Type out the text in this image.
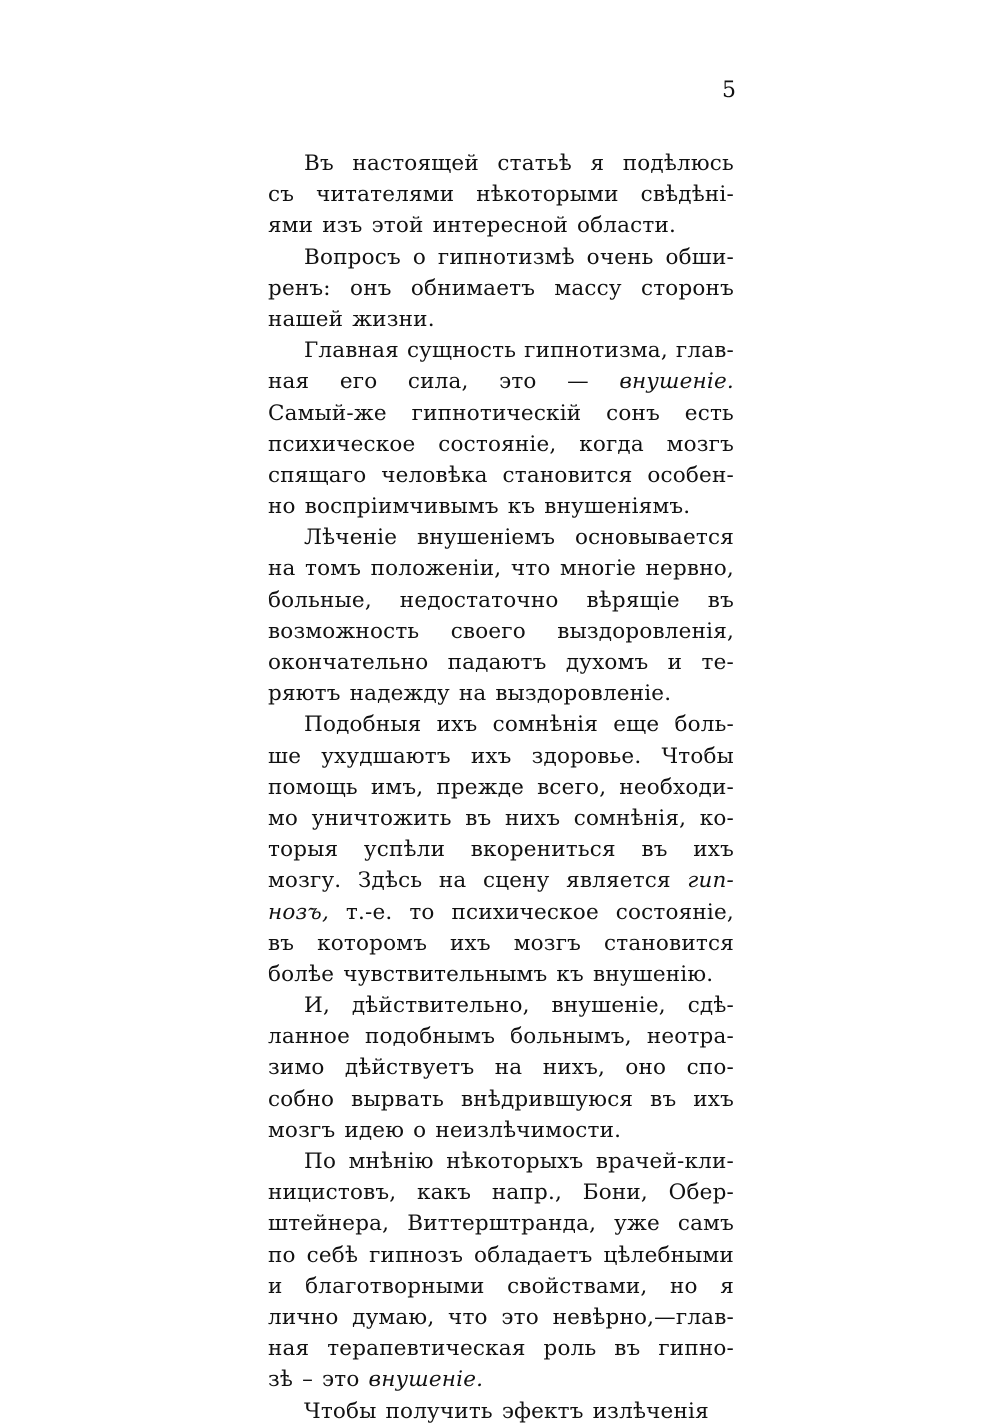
5
Въ настоящей статьѣ я подѣлюсь
съ читателями нѣкоторыми свѣдѣні-
ями изъ этой интересной области.
Вопросъ о гипнотизмѣ очень обши-
ренъ: онъ обнимаетъ массу сторонъ
нашей жизни.
Главная сущность гипнотизма, глав-
ная его сила, это — внушеніе.
Самый-же гипнотическій сонъ есть
психическое состояніе, когда мозгъ
спящаго человѣка становится особен-
но воспріимчивымъ къ внушеніямъ.
Лѣченіе внушеніемъ основывается
на томъ положеніи, что многіе нервно,
больные, недостаточно вѣрящіе въ
возможность своего выздоровленія,
окончательно падаютъ духомъ и те-
ряютъ надежду на выздоровленіе.
Подобныя ихъ сомнѣнія еще боль-
ше ухудшаютъ ихъ здоровье. Чтобы
помощь имъ, прежде всего, необходи-
мо уничтожить въ нихъ сомнѣнія, ко-
торыя успѣли вкорениться въ ихъ
мозгу. Здѣсь на сцену является гип-
нозъ, т.-е. то психическое состояніе,
въ которомъ ихъ мозгъ становится
болѣе чувствительнымъ къ внушенію.
И, дѣйствительно, внушеніе, сдѣ-
ланное подобнымъ больнымъ, неотра-
зимо дѣйствуетъ на нихъ, оно спо-
собно вырвать внѣдрившуюся въ ихъ
мозгъ идею о неизлѣчимости.
По мнѣнію нѣкоторыхъ врачей-кли-
ницистовъ, какъ напр., Бони, Обер-
штейнера, Виттерштранда, уже самъ
по себѣ гипнозъ обладаетъ цѣлебными
и благотворными свойствами, но я
лично думаю, что это невѣрно,—глав-
ная терапевтическая роль въ гипно-
зѣ – это внушеніе.
Чтобы получить эфектъ излѣченія
